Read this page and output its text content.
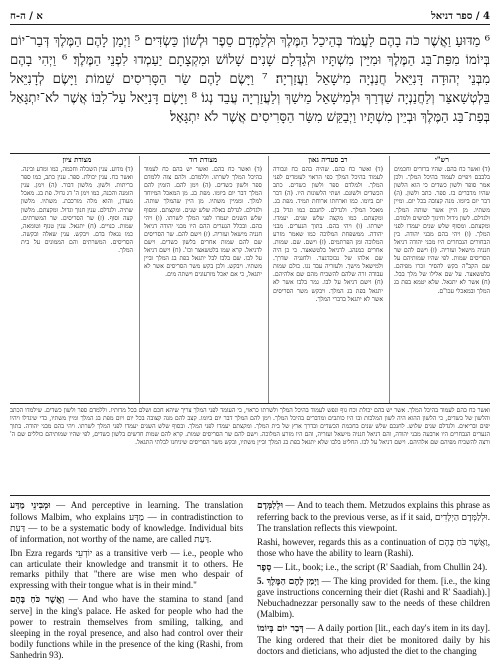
א / ה-ח	4 / ספר דניאל
⁶ מַדּוּעַ וַאֲשֶׁר כֹּה בָהֶם לַעֲמֹד בְּהֵיכַל הַמֶּלֶךְ וּלְלַמְּדָם סֵפֶר וּלְשׁוֹן כַּשְׂדִּים׃ ⁵ וַיְמַן לָהֶם הַמֶּלֶךְ דְּבַר־יוֹם בְּיוֹמוֹ מִפַּת־בַּג הַמֶּלֶךְ וּמִיֵּין מִשְׁתָּיו וּלְגַדְּלָם שָׁנִים שָׁלוֹשׁ וּמִקְצָתָם יַעַמְדוּ לִפְנֵי הַמֶּלֶךְ׃ ⁶ וַיְהִי בָהֶם מִבְּנֵי יְהוּדָה דָּנִיֵּאל חֲנַנְיָה מִישָׁאֵל וַעֲזַרְיָה׃ ⁷ וַיָּשֶׂם לָהֶם שַׂר הַסָּרִיסִים שֵׁמוֹת וַיָּשֶׂם לְדָנִיֵּאל בֵּלְטְשַׁאצַּר וְלַחֲנַנְיָה שַׁדְרַךְ וּלְמִישָׁאֵל מֵישַׁךְ וְלַעֲזַרְיָה עֲבֵד נְגוֹ׃ ⁸ וַיָּשֶׂם דָּנִיֵּאל עַל־לִבּוֹ אֲשֶׁר לֹא־יִתְגָּאַל בְּפַת־בַּג הַמֶּלֶךְ וּבְיֵין מִשְׁתָּיו וַיְבַקֵּשׁ מִשַּׂר הַסָּרִיסִים אֲשֶׁר לֹא יִתְגָּאָל׃
רש"י
(ד) ואשר כח בהם. שהיו ברורים וחכמים בלבבם ויפיים לעמוד בהיכל המלך. ולכן אמר סופר ולשון כשדים כי הוא הלשון שהיו מדברים בו. ספר. כתב ולשון. (ה) דבר יום ביומו. מנה קצובה בכל יום. ומיין משתיו. מן היין אשר שותה המלך. ולגדלם. לשון גידול וחינוך לבושים ולמדם. ומקצתם. ומסוף שלש שנים יעמדו לפני המלך. (ו) ויהי בהם מבני יהודה. בין הבחורים הנבחרים היו מבני יהודה דניאל חנניה מישאל ועזריה. (ז) וישם להם שר הסריסים שמות. לפי שהיו שמותיהם על שם הקב"ה בקש להסיר זכרו מפיהם. בלטשאצר. על שם אלילו של מלך בבל. (ח) אשר לא יתגאל. שלא יטמא בפת בג המלך ובמאכלי עכו"ם.
רב סעדיה גאון
(ד) ואשר כח בהם. שהיה בהם כח וגבורה לעמוד בהיכל המלך כפי הראוי לעומדים לפני המלך. ולמלדם ספר ולשון כשדים. כתב הכשדים ולשונם. ושתי הלשונות היו. (ה) דבר יום ביומו. כמו וארחתו ארוחת תמיד. מפת בג. מאכל המלך. ולגדלם. לחנכם כמו וגדל בן. ומקצתם. כמו מקצה שלש שנים. יעמדו. ישרתו. (ו) ויהי בהם. בתוך הנערים. מבני יהודה. ממשפחת המלוכה כמו שאמר מזרע המלוכה ומן הפרתמים. (ז) וישם. שם. שמות. אחרים כמנהג. לדניאל בלטשאצר. כי כן היה שם אלהו של נבוכדנצר. ולחנניה שדרך. ולמישאל מישך. ולעזריה עבד נגו. כולם שמות עבודה זרה שלהם להשכיח מהם שם אלהיהם. (ח) וישם דניאל על לבו. גמר בלבו אשר לא יתגאל בפת בג המלך. ויבקש משר הסריסים אשר לא יתגאל בדברי המלך.
מצודת דוד
(ד) ואשר כח בהם. ואשר יש בהם כח לעמוד בהיכל המלך לשרתו. וללמדם. ולהם צוה ללמדם ספר ולשון כשדים. (ה) וימן להם. הזמין להם המלך דבר יום ביומו. מפת בג. מן המאכל המיוחד למלך. וממיין משתיו. מן היין שהמלך שותה. ולגדלם. לגדלם באלה שלש שנים. ומקצתם. ומסוף שלש השנים יעמדו לפני המלך לשרתו. (ו) ויהי בהם. ובכלל הנערים ההם היו מבני יהודה דניאל חנניה מישאל ועזריה. (ז) וישם להם. שר הסריסים שם להם שמות אחרים בלשון כשדים. וישם לדניאל. קרא שמו בלטשאצר וכו'. (ח) וישם דניאל על לבו. שם בלבו לבל יתגאל בפת בג המלך וביין משתיו. ויבקש. ולכן בקש משר הסריסים אשר לא יתגאל, כי אם יאכל מזרעונים וישתה מים.
מצודת ציון
(ד) מדוע. ענין השכלה וחכמה, כמו ומדע ובינה. ואשר כח. ענין יכולת. ספר. ענין כתב, כמו ספר כריתות. ולשון. מלשון דבור. (ה) וימן. ענין הזמנה והכנה, כמו וימן ה' דג גדול. פת בג. מאכל מעודן, והוא מלה מורכבת. משתיו. מלשון שתיה. ולגדלם. ענין חנוך וגדול. ומקצתם. מלשון קצה וסוף. (ז) שר הסריסים. שר המשרתים. שמות. כנויים. (ח) יתגאל. ענין טנוף וטומאה, כמו נגאלו בדם. ויבקש. ענין שאלה ובקשה. הסריסים. המשרתים והם הממונים על בית המלך.
ואשר כח בהם לעמוד בהיכל המלך. אשר יש בהם יכולת וכח גוף ונפש לעמוד בהיכל המלך ולשרתו כראוי, כי העומד לפני המלך צריך שיהא חכם ושלם בכל מדותיו. וללמדם ספר ולשון כשדים. שילמדו הכתב והלשון של כשדים, כי הלשון ההוא היה לשון המלכות ובו היו כותבים ומדברים בהיכל המלך. וימן להם המלך דבר יום ביומו. קצב להם מנה קצובה בכל יום ויום מפת בג המלך ומיין משתיו, כדי שיגדלו ויהיו יפים ובריאים. ולגדלם שנים שלוש. לחנכם שלש שנים בחכמת הכשדים ובדרך ארץ של בית המלך. ומקצתם יעמדו לפני המלך. ובסוף שלש השנים יעמדו לפני המלך לשרתו. ויהי בהם מבני יהודה. בתוך הנערים הנבחרים היו ארבעה מבני יהודה, והם דניאל חנניה מישאל ועזריה, והם היו מזרע המלוכה. וישם להם שר הסריסים שמות. קרא להם שמות חדשים בלשון כשדים, לפי שהיו שמותיהם כוללים שם ה' ורצה להשכיח מפיהם שם אלהיהם. וישם דניאל על לבו. החליט בלבו שלא יתגאל בפת בג המלך וביין משתיו, ובקש משר הסריסים שיניחנו לבלתי התגאל.

וּמְבִינֵי מַדָּע — And perceptive in learning. The translation follows Malbim, who explains מַדָּע — in contradistinction to דַּעַת — to be a systematic body of knowledge. Individual bits of information, not worthy of the name, are called דַּעַת.

Ibn Ezra regards יוֹדְעֵי as a transitive verb — i.e., people who can articulate their knowledge and transmit it to others. He remarks pithily that "there are wise men who despair of expressing with their tongue what is in their mind."

וַאֲשֶׁר כֹּחַ בָּהֶם — And who have the stamina to stand [and serve] in the king's palace. He asked for people who had the power to restrain themselves from smiling, talking, and sleeping in the royal presence, and also had control over their bodily functions while in the presence of the king (Rashi, from Sanhedrin 93).

וּלְלַמְּדָם — And to teach them. Metzudos explains this phrase as referring back to the previous verse, as if it said, וּלְלַמְּדָם הַיְלָדִים. The translation reflects this viewpoint.

Rashi, however, regards this as a continuation of וַאֲשֶׁר כֹּחַ בָּהֶם, those who have the ability to learn (Rashi).

סֵפֶר — Lit., book; i.e., the script (R' Saadiah, from Chullin 24).

5. וַיְמַן לָהֶם הַמֶּלֶךְ — The king provided for them. [i.e., the king gave instructions concerning their diet (Rashi and R' Saadiah).] Nebuchadnezzar personally saw to the needs of these children (Malbim).

דְּבַר יוֹם בְּיוֹמוֹ — A daily portion [lit., each day's item in its day]. The king ordered that their diet be monitored daily by his doctors and dieticians, who adjusted the diet to the changing
